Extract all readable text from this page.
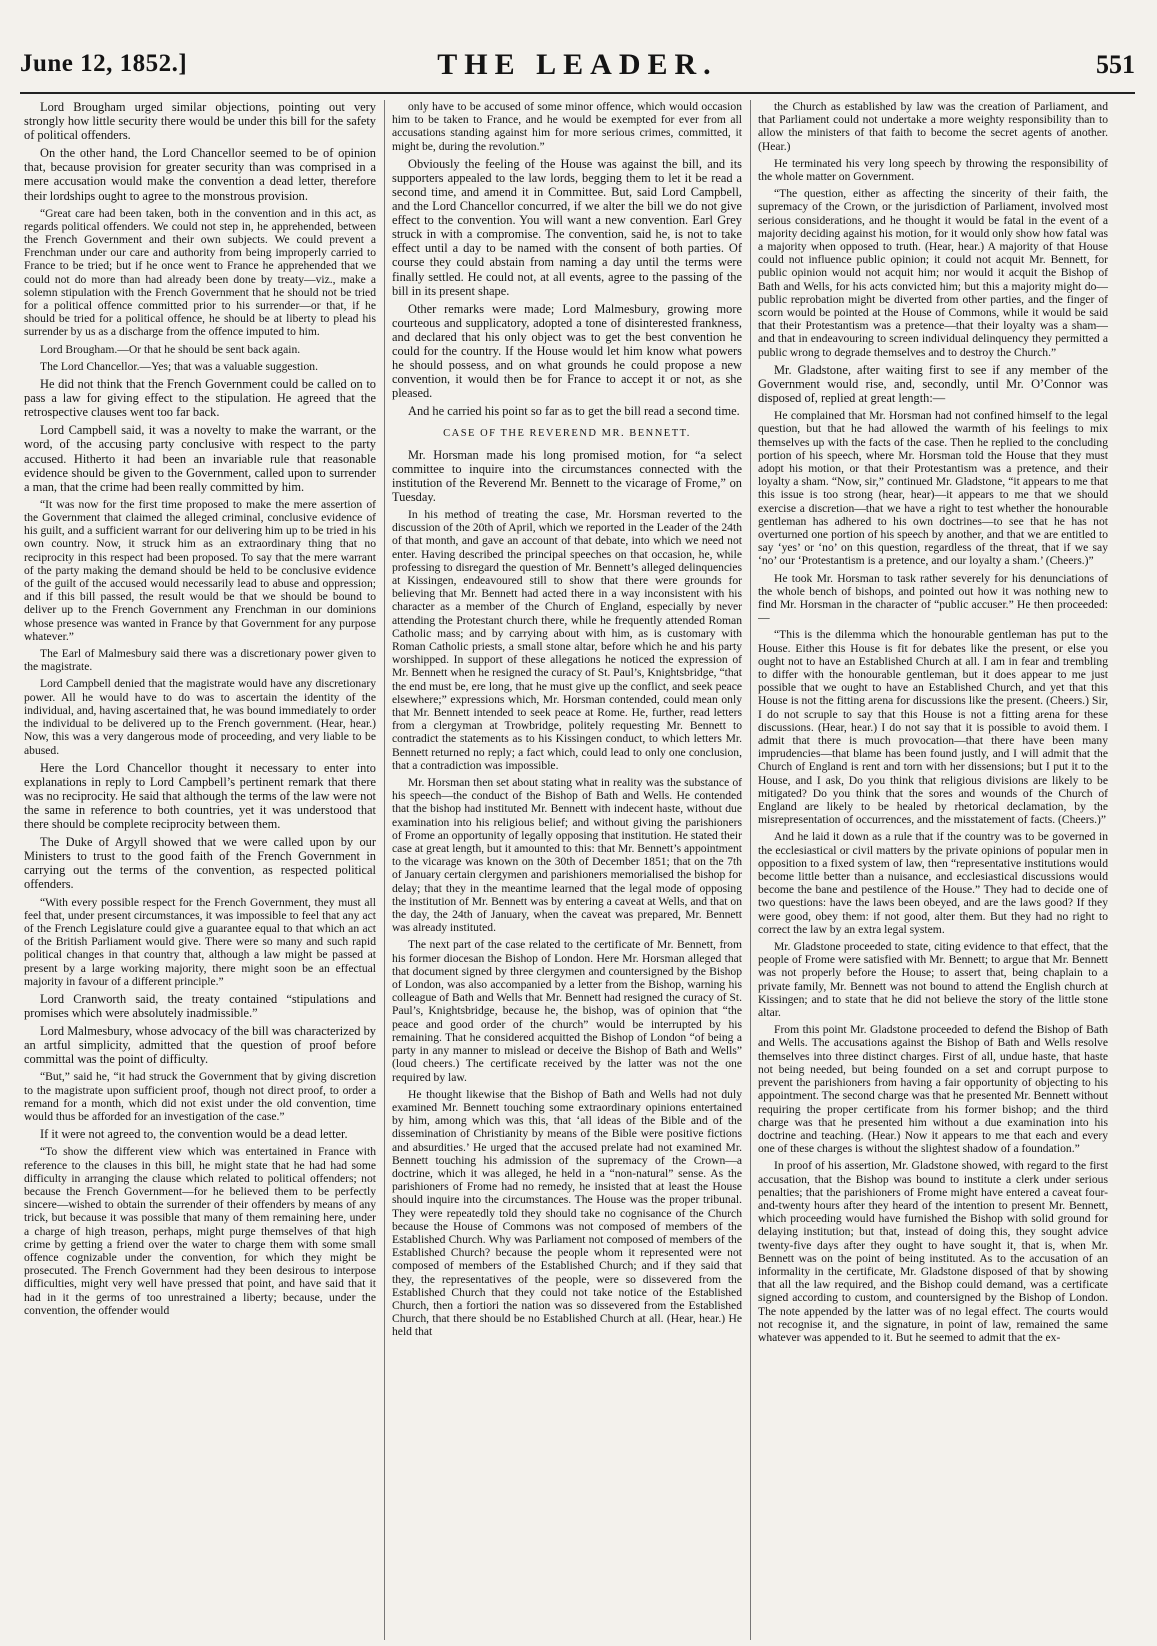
June 12, 1852.]	THE LEADER.	551

Lord Brougham urged similar objections, pointing out very strongly how little security there would be under this bill for the safety of political offenders.

On the other hand, the Lord Chancellor seemed to be of opinion that, because provision for greater security than was comprised in a mere accusation would make the convention a dead letter, therefore their lordships ought to agree to the monstrous provision.

“Great care had been taken, both in the convention and in this act, as regards political offenders. We could not step in, he apprehended, between the French Government and their own subjects. We could prevent a Frenchman under our care and authority from being improperly carried to France to be tried; but if he once went to France he apprehended that we could not do more than had already been done by treaty—viz., make a solemn stipulation with the French Government that he should not be tried for a political offence committed prior to his surrender—or that, if he should be tried for a political offence, he should be at liberty to plead his surrender by us as a discharge from the offence imputed to him.

Lord Brougham.—Or that he should be sent back again.

The Lord Chancellor.—Yes; that was a valuable suggestion.

He did not think that the French Government could be called on to pass a law for giving effect to the stipulation. He agreed that the retrospective clauses went too far back.

Lord Campbell said, it was a novelty to make the warrant, or the word, of the accusing party conclusive with respect to the party accused. Hitherto it had been an invariable rule that reasonable evidence should be given to the Government, called upon to surrender a man, that the crime had been really committed by him.

“It was now for the first time proposed to make the mere assertion of the Government that claimed the alleged criminal, conclusive evidence of his guilt, and a sufficient warrant for our delivering him up to be tried in his own country. Now, it struck him as an extraordinary thing that no reciprocity in this respect had been proposed. To say that the mere warrant of the party making the demand should be held to be conclusive evidence of the guilt of the accused would necessarily lead to abuse and oppression; and if this bill passed, the result would be that we should be bound to deliver up to the French Government any Frenchman in our dominions whose presence was wanted in France by that Government for any purpose whatever.”

The Earl of Malmesbury said there was a discretionary power given to the magistrate.

Lord Campbell denied that the magistrate would have any discretionary power. All he would have to do was to ascertain the identity of the individual, and, having ascertained that, he was bound immediately to order the individual to be delivered up to the French government. (Hear, hear.) Now, this was a very dangerous mode of proceeding, and very liable to be abused.

Here the Lord Chancellor thought it necessary to enter into explanations in reply to Lord Campbell’s pertinent remark that there was no reciprocity. He said that although the terms of the law were not the same in reference to both countries, yet it was understood that there should be complete reciprocity between them.

The Duke of Argyll showed that we were called upon by our Ministers to trust to the good faith of the French Government in carrying out the terms of the convention, as respected political offenders.

“With every possible respect for the French Government, they must all feel that, under present circumstances, it was impossible to feel that any act of the French Legislature could give a guarantee equal to that which an act of the British Parliament would give. There were so many and such rapid political changes in that country that, although a law might be passed at present by a large working majority, there might soon be an effectual majority in favour of a different principle.”

Lord Cranworth said, the treaty contained “stipulations and promises which were absolutely inadmissible.”

Lord Malmesbury, whose advocacy of the bill was characterized by an artful simplicity, admitted that the question of proof before committal was the point of difficulty.

“But,” said he, “it had struck the Government that by giving discretion to the magistrate upon sufficient proof, though not direct proof, to order a remand for a month, which did not exist under the old convention, time would thus be afforded for an investigation of the case.”

If it were not agreed to, the convention would be a dead letter.

“To show the different view which was entertained in France with reference to the clauses in this bill, he might state that he had had some difficulty in arranging the clause which related to political offenders; not because the French Government—for he believed them to be perfectly sincere—wished to obtain the surrender of their offenders by means of any trick, but because it was possible that many of them remaining here, under a charge of high treason, perhaps, might purge themselves of that high crime by getting a friend over the water to charge them with some small offence cognizable under the convention, for which they might be prosecuted. The French Government had they been desirous to interpose difficulties, might very well have pressed that point, and have said that it had in it the germs of too unrestrained a liberty; because, under the convention, the offender would

only have to be accused of some minor offence, which would occasion him to be taken to France, and he would be exempted for ever from all accusations standing against him for more serious crimes, committed, it might be, during the revolution.”

Obviously the feeling of the House was against the bill, and its supporters appealed to the law lords, begging them to let it be read a second time, and amend it in Committee. But, said Lord Campbell, and the Lord Chancellor concurred, if we alter the bill we do not give effect to the convention. You will want a new convention. Earl Grey struck in with a compromise. The convention, said he, is not to take effect until a day to be named with the consent of both parties. Of course they could abstain from naming a day until the terms were finally settled. He could not, at all events, agree to the passing of the bill in its present shape.

Other remarks were made; Lord Malmesbury, growing more courteous and supplicatory, adopted a tone of disinterested frankness, and declared that his only object was to get the best convention he could for the country. If the House would let him know what powers he should possess, and on what grounds he could propose a new convention, it would then be for France to accept it or not, as she pleased.

And he carried his point so far as to get the bill read a second time.

CASE OF THE REVEREND MR. BENNETT.

Mr. Horsman made his long promised motion, for “a select committee to inquire into the circumstances connected with the institution of the Reverend Mr. Bennett to the vicarage of Frome,” on Tuesday.

In his method of treating the case, Mr. Horsman reverted to the discussion of the 20th of April, which we reported in the Leader of the 24th of that month, and gave an account of that debate, into which we need not enter. Having described the principal speeches on that occasion, he, while professing to disregard the question of Mr. Bennett’s alleged delinquencies at Kissingen, endeavoured still to show that there were grounds for believing that Mr. Bennett had acted there in a way inconsistent with his character as a member of the Church of England, especially by never attending the Protestant church there, while he frequently attended Roman Catholic mass; and by carrying about with him, as is customary with Roman Catholic priests, a small stone altar, before which he and his party worshipped. In support of these allegations he noticed the expression of Mr. Bennett when he resigned the curacy of St. Paul’s, Knightsbridge, “that the end must be, ere long, that he must give up the conflict, and seek peace elsewhere;” expressions which, Mr. Horsman contended, could mean only that Mr. Bennett intended to seek peace at Rome. He, further, read letters from a clergyman at Trowbridge, politely requesting Mr. Bennett to contradict the statements as to his Kissingen conduct, to which letters Mr. Bennett returned no reply; a fact which, could lead to only one conclusion, that a contradiction was impossible.

Mr. Horsman then set about stating what in reality was the substance of his speech—the conduct of the Bishop of Bath and Wells. He contended that the bishop had instituted Mr. Bennett with indecent haste, without due examination into his religious belief; and without giving the parishioners of Frome an opportunity of legally opposing that institution. He stated their case at great length, but it amounted to this: that Mr. Bennett’s appointment to the vicarage was known on the 30th of December 1851; that on the 7th of January certain clergymen and parishioners memorialised the bishop for delay; that they in the meantime learned that the legal mode of opposing the institution of Mr. Bennett was by entering a caveat at Wells, and that on the day, the 24th of January, when the caveat was prepared, Mr. Bennett was already instituted.

The next part of the case related to the certificate of Mr. Bennett, from his former diocesan the Bishop of London. Here Mr. Horsman alleged that that document signed by three clergymen and countersigned by the Bishop of London, was also accompanied by a letter from the Bishop, warning his colleague of Bath and Wells that Mr. Bennett had resigned the curacy of St. Paul’s, Knightsbridge, because he, the bishop, was of opinion that “the peace and good order of the church” would be interrupted by his remaining. That he considered acquitted the Bishop of London “of being a party in any manner to mislead or deceive the Bishop of Bath and Wells” (loud cheers.) The certificate received by the latter was not the one required by law.

He thought likewise that the Bishop of Bath and Wells had not duly examined Mr. Bennett touching some extraordinary opinions entertained by him, among which was this, that ‘all ideas of the Bible and of the dissemination of Christianity by means of the Bible were positive fictions and absurdities.’ He urged that the accused prelate had not examined Mr. Bennett touching his admission of the supremacy of the Crown—a doctrine, which it was alleged, he held in a “non-natural” sense. As the parishioners of Frome had no remedy, he insisted that at least the House should inquire into the circumstances. The House was the proper tribunal. They were repeatedly told they should take no cognisance of the Church because the House of Commons was not composed of members of the Established Church. Why was Parliament not composed of members of the Established Church? because the people whom it represented were not composed of members of the Established Church; and if they said that they, the representatives of the people, were so dissevered from the Established Church that they could not take notice of the Established Church, then a fortiori the nation was so dissevered from the Established Church, that there should be no Established Church at all. (Hear, hear.) He held that

the Church as established by law was the creation of Parliament, and that Parliament could not undertake a more weighty responsibility than to allow the ministers of that faith to become the secret agents of another. (Hear.)

He terminated his very long speech by throwing the responsibility of the whole matter on Government.

“The question, either as affecting the sincerity of their faith, the supremacy of the Crown, or the jurisdiction of Parliament, involved most serious considerations, and he thought it would be fatal in the event of a majority deciding against his motion, for it would only show how fatal was a majority when opposed to truth. (Hear, hear.) A majority of that House could not influence public opinion; it could not acquit Mr. Bennett, for public opinion would not acquit him; nor would it acquit the Bishop of Bath and Wells, for his acts convicted him; but this a majority might do—public reprobation might be diverted from other parties, and the finger of scorn would be pointed at the House of Commons, while it would be said that their Protestantism was a pretence—that their loyalty was a sham—and that in endeavouring to screen individual delinquency they permitted a public wrong to degrade themselves and to destroy the Church.”

Mr. Gladstone, after waiting first to see if any member of the Government would rise, and, secondly, until Mr. O’Connor was disposed of, replied at great length:—

He complained that Mr. Horsman had not confined himself to the legal question, but that he had allowed the warmth of his feelings to mix themselves up with the facts of the case. Then he replied to the concluding portion of his speech, where Mr. Horsman told the House that they must adopt his motion, or that their Protestantism was a pretence, and their loyalty a sham. “Now, sir,” continued Mr. Gladstone, “it appears to me that this issue is too strong (hear, hear)—it appears to me that we should exercise a discretion—that we have a right to test whether the honourable gentleman has adhered to his own doctrines—to see that he has not overturned one portion of his speech by another, and that we are entitled to say ‘yes’ or ‘no’ on this question, regardless of the threat, that if we say ‘no’ our ‘Protestantism is a pretence, and our loyalty a sham.’ (Cheers.)”

He took Mr. Horsman to task rather severely for his denunciations of the whole bench of bishops, and pointed out how it was nothing new to find Mr. Horsman in the character of “public accuser.” He then proceeded:—

“This is the dilemma which the honourable gentleman has put to the House. Either this House is fit for debates like the present, or else you ought not to have an Established Church at all. I am in fear and trembling to differ with the honourable gentleman, but it does appear to me just possible that we ought to have an Established Church, and yet that this House is not the fitting arena for discussions like the present. (Cheers.) Sir, I do not scruple to say that this House is not a fitting arena for these discussions. (Hear, hear.) I do not say that it is possible to avoid them. I admit that there is much provocation—that there have been many imprudencies—that blame has been found justly, and I will admit that the Church of England is rent and torn with her dissensions; but I put it to the House, and I ask, Do you think that religious divisions are likely to be mitigated? Do you think that the sores and wounds of the Church of England are likely to be healed by rhetorical declamation, by the misrepresentation of occurrences, and the misstatement of facts. (Cheers.)”

And he laid it down as a rule that if the country was to be governed in the ecclesiastical or civil matters by the private opinions of popular men in opposition to a fixed system of law, then “representative institutions would become little better than a nuisance, and ecclesiastical discussions would become the bane and pestilence of the House.” They had to decide one of two questions: have the laws been obeyed, and are the laws good? If they were good, obey them: if not good, alter them. But they had no right to correct the law by an extra legal system.

Mr. Gladstone proceeded to state, citing evidence to that effect, that the people of Frome were satisfied with Mr. Bennett; to argue that Mr. Bennett was not properly before the House; to assert that, being chaplain to a private family, Mr. Bennett was not bound to attend the English church at Kissingen; and to state that he did not believe the story of the little stone altar.

From this point Mr. Gladstone proceeded to defend the Bishop of Bath and Wells. The accusations against the Bishop of Bath and Wells resolve themselves into three distinct charges. First of all, undue haste, that haste not being needed, but being founded on a set and corrupt purpose to prevent the parishioners from having a fair opportunity of objecting to his appointment. The second charge was that he presented Mr. Bennett without requiring the proper certificate from his former bishop; and the third charge was that he presented him without a due examination into his doctrine and teaching. (Hear.) Now it appears to me that each and every one of these charges is without the slightest shadow of a foundation.”

In proof of his assertion, Mr. Gladstone showed, with regard to the first accusation, that the Bishop was bound to institute a clerk under serious penalties; that the parishioners of Frome might have entered a caveat four-and-twenty hours after they heard of the intention to present Mr. Bennett, which proceeding would have furnished the Bishop with solid ground for delaying institution; but that, instead of doing this, they sought advice twenty-five days after they ought to have sought it, that is, when Mr. Bennett was on the point of being instituted. As to the accusation of an informality in the certificate, Mr. Gladstone disposed of that by showing that all the law required, and the Bishop could demand, was a certificate signed according to custom, and countersigned by the Bishop of London. The note appended by the latter was of no legal effect. The courts would not recognise it, and the signature, in point of law, remained the same whatever was appended to it. But he seemed to admit that the ex-
